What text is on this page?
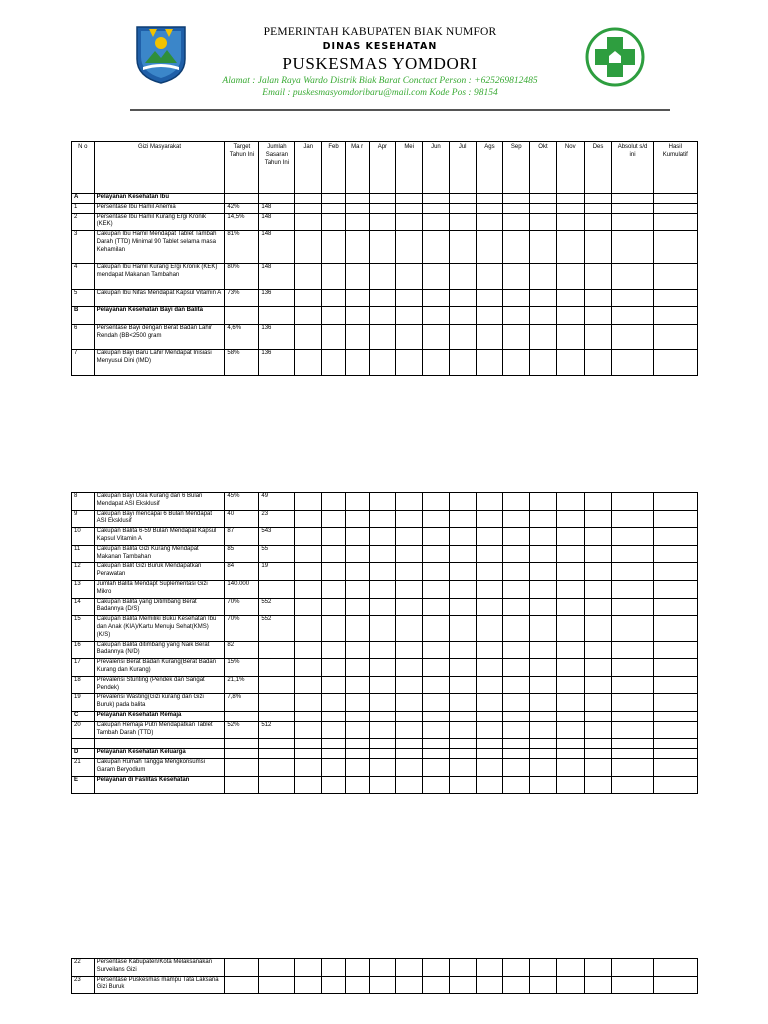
PEMERINTAH KABUPATEN BIAK NUMFOR
DINAS KESEHATAN
PUSKESMAS YOMDORI
Alamat : Jalan Raya Wardo Distrik Biak Barat Conctact Person : +625269812485
Email : puskesmasyomdoribaru@mail.com Kode Pos : 98154
N o	Gizi Masyarakat	Target Tahun Ini	Jumlah Sasaran Tahun Ini	Jan	Feb	Ma r	Apr	Mei	Jun	Jul	Ags	Sep	Okt	Nov	Des	Absolut s/d ini	Hasil Kumulatif
A	Pelayanan Kesehatan Ibu																
1	Persentase Ibu Hamil Anemia	42%	148														
2	Persentase Ibu Hamil Kurang Ergi Kronik (KEK)	14,5%	148														
3	Cakupan Ibu Hamil Mendapat Tablet Tambah Darah (TTD) Minimal 90 Tablet selama masa Kehamilan	81%	148														
4	Cakupan Ibu Hamil Kurang Ergi Kronik (KEK) mendapat Makanan Tambahan	80%	148														
5	Cakupan Ibu Nifas Mendapat Kapsul Vitamin A	73%	136														
B	Pelayanan Kesehatan Bayi dan Balita																
6	Persentase Bayi dengan Berat Badan Lahir Rendah (BB<2500 gram	4,6%	136														
7	Cakupan Bayi Baru Lahir Mendapat Inisiasi Menyusui Dini (IMD)	58%	136														
8	Cakupan Bayi Usia Kurang dari 6 Bulan Mendapat ASI Eksklusif	45%	49														
9	Cakupan Bayi mencapai 6 Bulan Mendapat ASI Eksklusif	40	23														
10	Cakupan Balita 6-59 Bulan Mendapat Kapsul Kapsul Vitamin A	87	543														
11	Cakupan Balita Gizi Kurang Mendapat Makanan Tambahan	85	55														
12	Cakupan Balit Gizi Buruk Mendapatkan Perawatan	84	19														
13	Jumlah Balita Mendapt Suplementasi Gizi Mikro	140.000															
14	Cakupan Balita yang Ditimbang Berat Badannya (D/S)	70%	552														
15	Cakupan Balita Memiliki Buku Kesehatan Ibu dan Anak (KIA)/Kartu Menuju Sehat(KMS) (K/S)	70%	552														
16	Cakupan Balita ditimbang yang Naik Berat Badannya (N/D)	82															
17	Prevalensi Berat Badan Kurang(Berat Badan Kurang dan Kurang)	15%															
18	Prevalensi Stunting (Pendek dan Sangat Pendek)	21,1%															
19	Prevalensi Wasting(Gizi kurang dan Gizi Buruk) pada balita	7,8%															
C	Pelayanan Kesehatan Remaja																
20	Cakupan Remaja Putri Mendapatkan Tablet Tambah Darah (TTD)	52%	512														

D	Pelayanan Kesehatan Keluarga																
21	Cakupan Rumah Tangga Mengkonsumsi Garam Beryodium																
E	Pelayanan di Faslitas Kesehatan																
22	Persentase Kabupaten/Kota Melaksanakan Surveilans Gizi																
23	Persentase Puskesmas mampu Tata Laksana Gizi Buruk																
